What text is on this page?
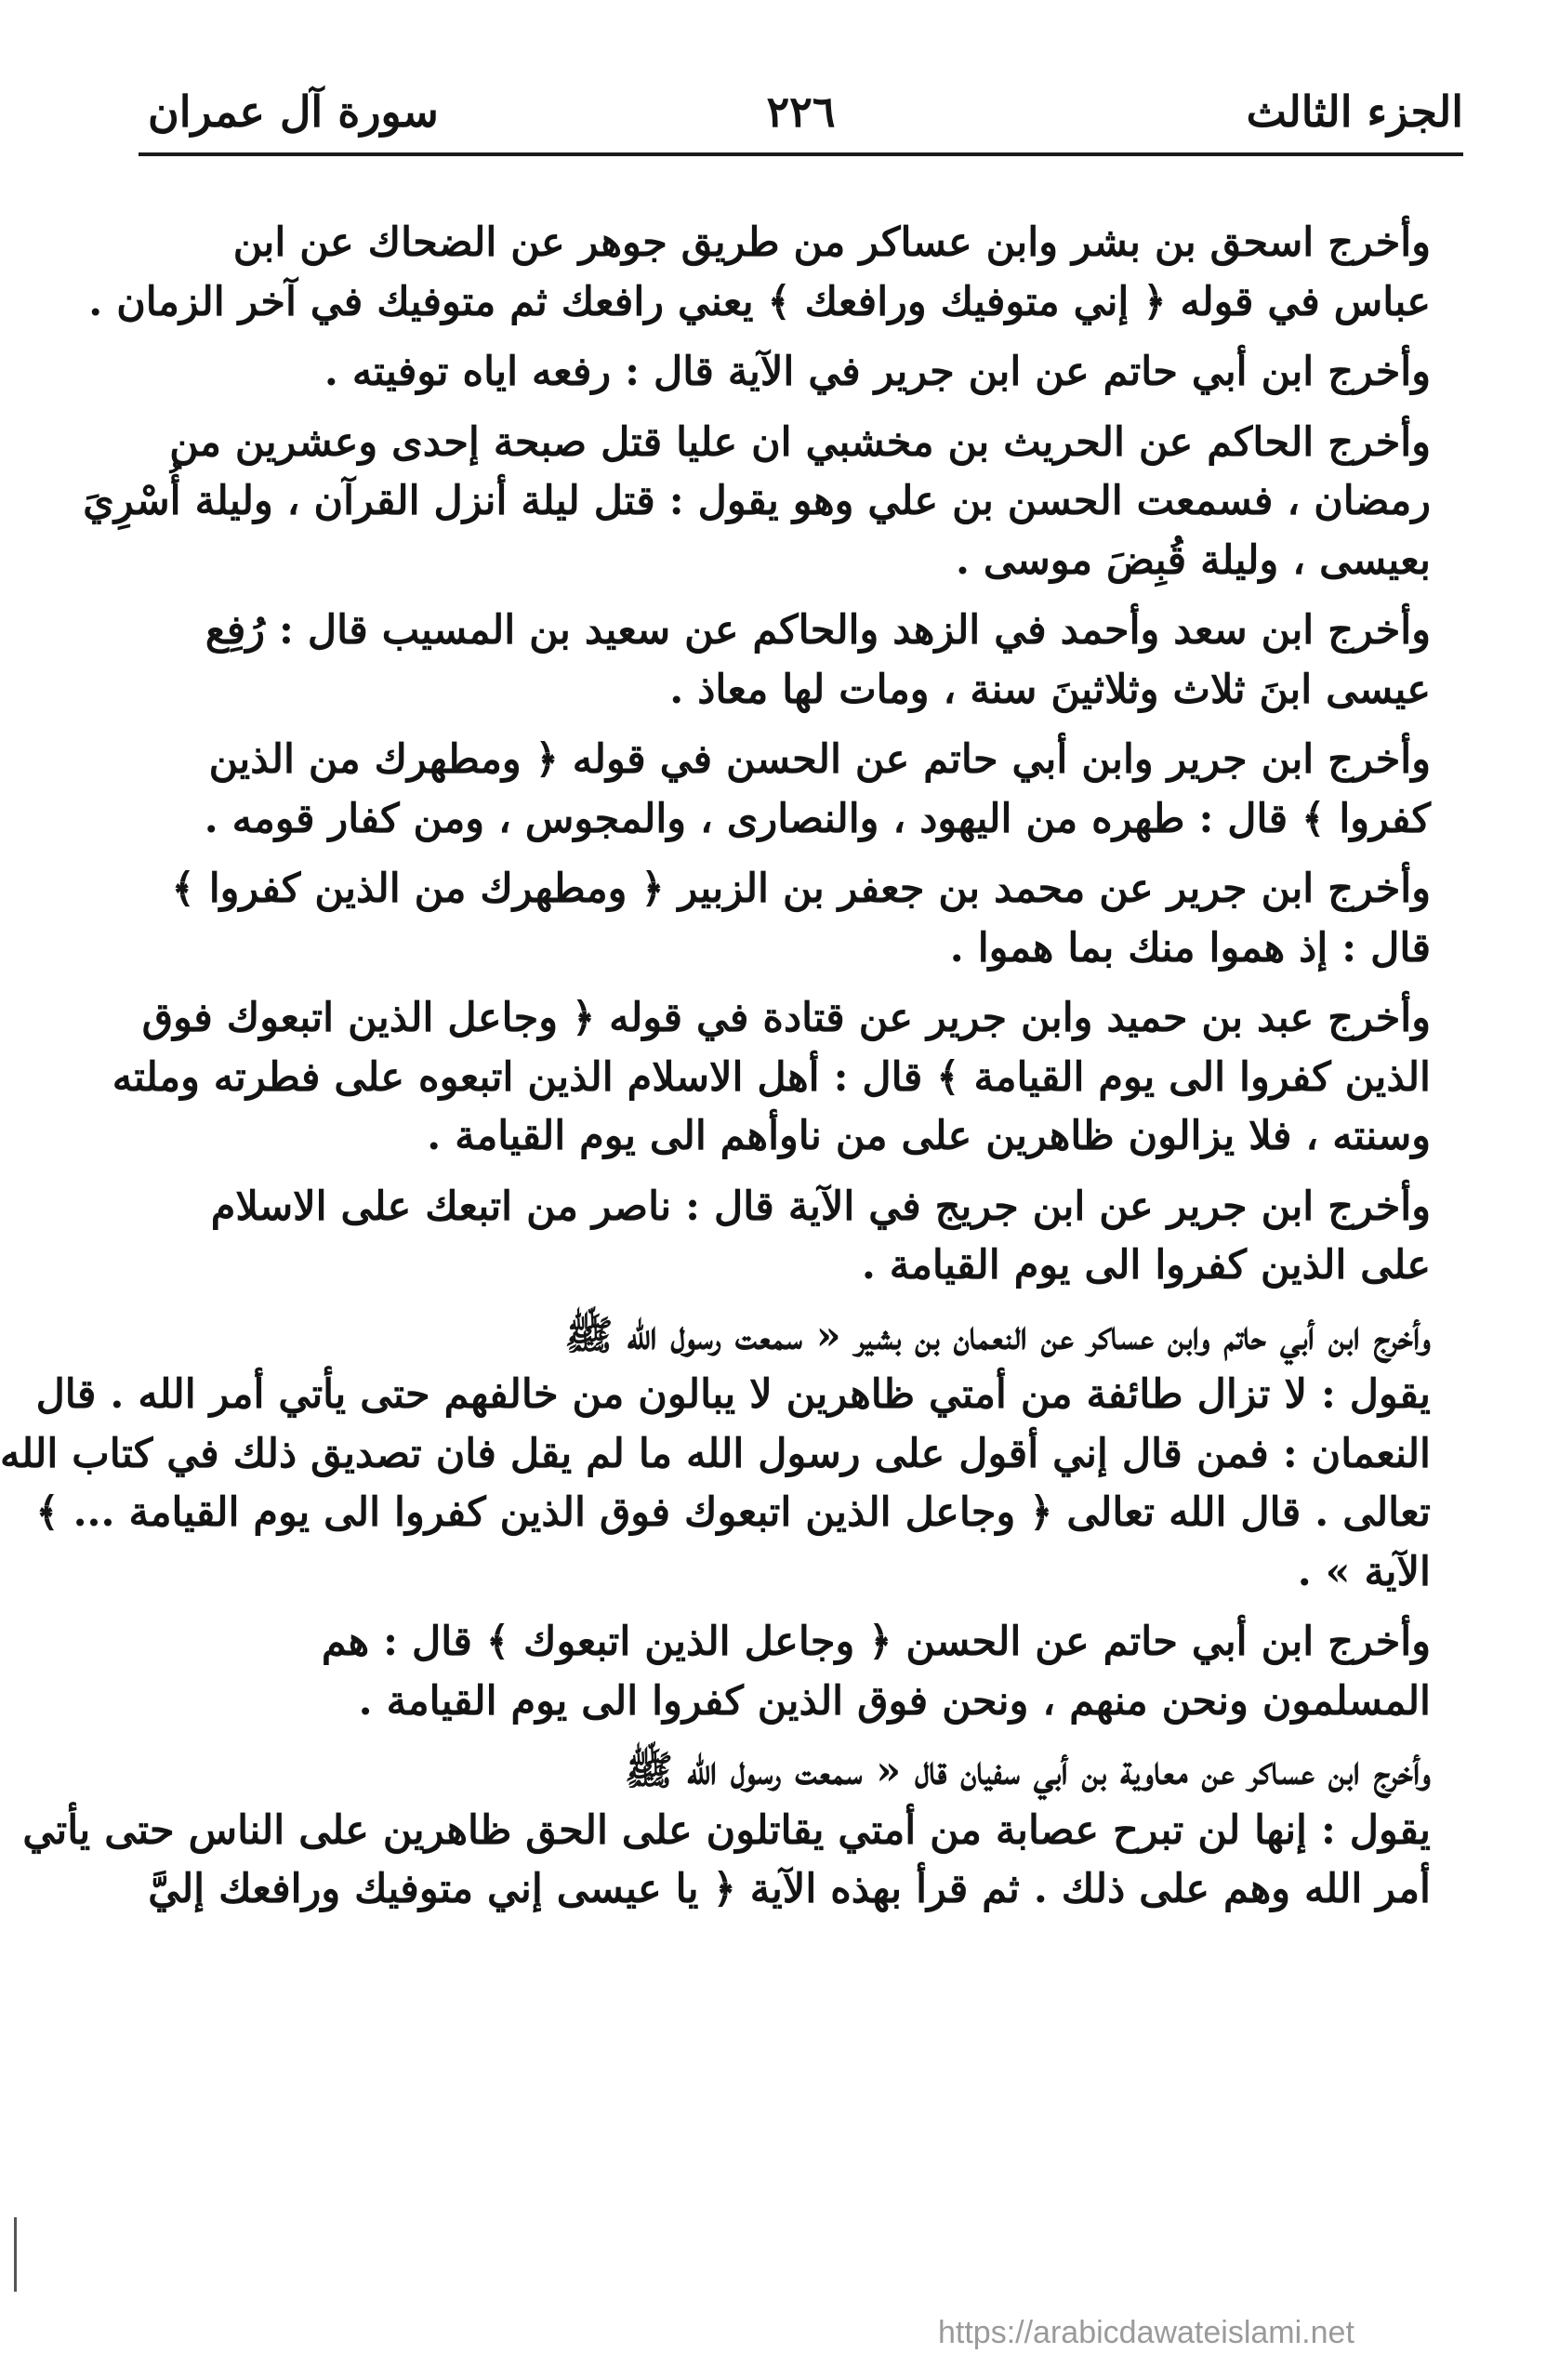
الجزء الثالث
٢٢٦
سورة آل عمران
وأخرج اسحق بن بشر وابن عساكر من طريق جوهر عن الضحاك عن ابن
عباس في قوله ﴿ إني متوفيك ورافعك ﴾ يعني رافعك ثم متوفيك في آخر الزمان .
وأخرج ابن أبي حاتم عن ابن جرير في الآية قال : رفعه اياه توفيته .
وأخرج الحاكم عن الحريث بن مخشبي ان عليا قتل صبحة إحدى وعشرين من
رمضان ، فسمعت الحسن بن علي وهو يقول : قتل ليلة أنزل القرآن ، وليلة أُسْرِيَ
بعيسى ، وليلة قُبِضَ موسى .
وأخرج ابن سعد وأحمد في الزهد والحاكم عن سعيد بن المسيب قال : رُفِع
عيسى ابنَ ثلاث وثلاثينَ سنة ، ومات لها معاذ .
وأخرج ابن جرير وابن أبي حاتم عن الحسن في قوله ﴿ ومطهرك من الذين
كفروا ﴾ قال : طهره من اليهود ، والنصارى ، والمجوس ، ومن كفار قومه .
وأخرج ابن جرير عن محمد بن جعفر بن الزبير ﴿ ومطهرك من الذين كفروا ﴾
قال : إذ هموا منك بما هموا .
وأخرج عبد بن حميد وابن جرير عن قتادة في قوله ﴿ وجاعل الذين اتبعوك فوق
الذين كفروا الى يوم القيامة ﴾ قال : أهل الاسلام الذين اتبعوه على فطرته وملته
وسنته ، فلا يزالون ظاهرين على من ناوأهم الى يوم القيامة .
وأخرج ابن جرير عن ابن جريج في الآية قال : ناصر من اتبعك على الاسلام
على الذين كفروا الى يوم القيامة .
وأخرج ابن أبي حاتم وابن عساكر عن النعمان بن بشير « سمعت رسول الله ﷺ
يقول : لا تزال طائفة من أمتي ظاهرين لا يبالون من خالفهم حتى يأتي أمر الله . قال
النعمان : فمن قال إني أقول على رسول الله ما لم يقل فان تصديق ذلك في كتاب الله
تعالى . قال الله تعالى ﴿ وجاعل الذين اتبعوك فوق الذين كفروا الى يوم القيامة ... ﴾
الآية » .
وأخرج ابن أبي حاتم عن الحسن ﴿ وجاعل الذين اتبعوك ﴾ قال : هم
المسلمون ونحن منهم ، ونحن فوق الذين كفروا الى يوم القيامة .
وأخرج ابن عساكر عن معاوية بن أبي سفيان قال « سمعت رسول الله ﷺ
يقول : إنها لن تبرح عصابة من أمتي يقاتلون على الحق ظاهرين على الناس حتى يأتي
أمر الله وهم على ذلك . ثم قرأ بهذه الآية ﴿ يا عيسى إني متوفيك ورافعك إليَّ
https://arabicdawateislami.net
